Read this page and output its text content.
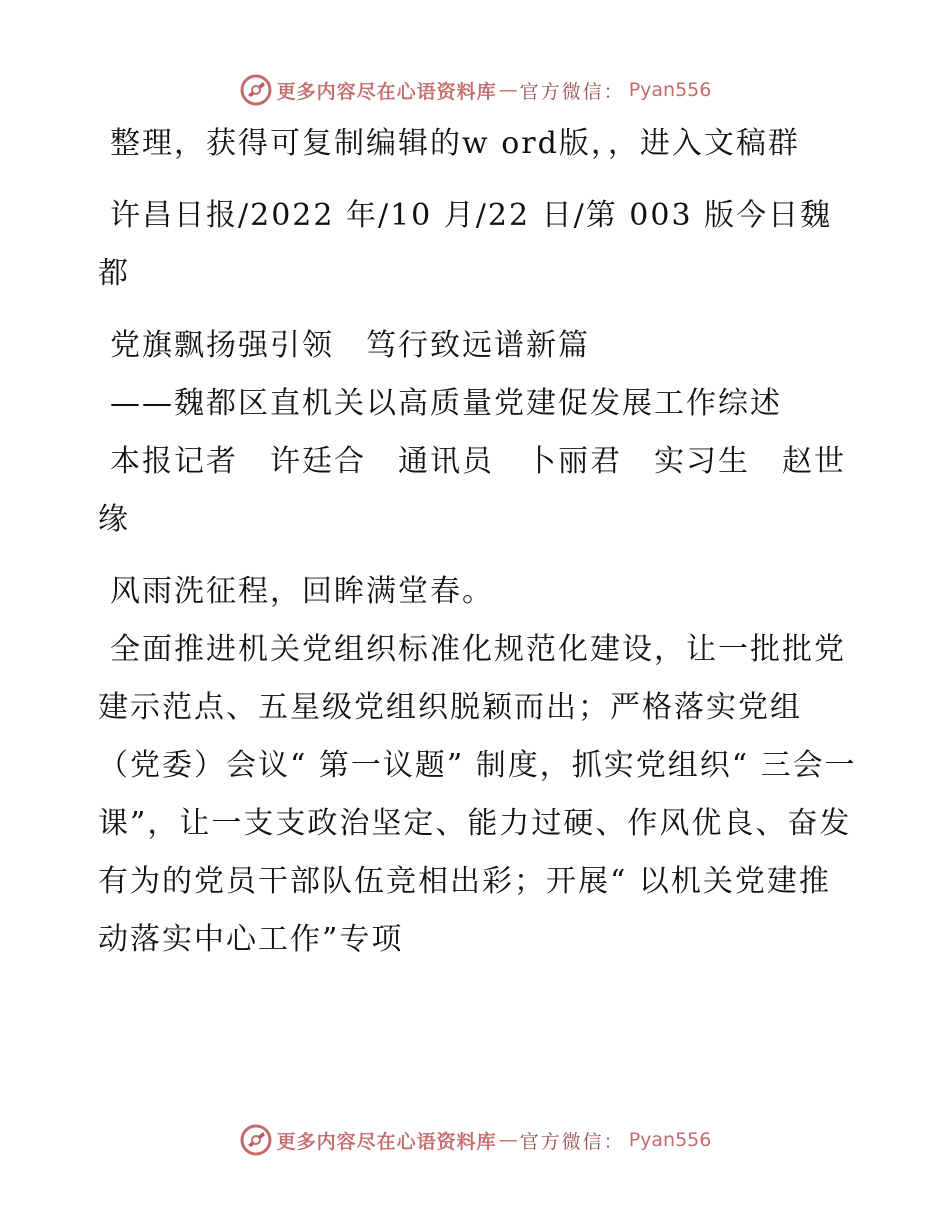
更多内容尽在心语资料库 — 官方微信： Pyan556

整理，获得可复制编辑的w ord版，，进入文稿群

许昌日报/2022 年/10 月/22 日/第 003 版今日魏都

党旗飘扬强引领　笃行致远谱新篇

——魏都区直机关以高质量党建促发展工作综述

本报记者　许廷合　通讯员　卜丽君　实习生　赵世缘

风雨洗征程，回眸满堂春。

全面推进机关党组织标准化规范化建设，让一批批党建示范点、五星级党组织脱颖而出；严格落实党组（党委）会议“ 第一议题” 制度，抓实党组织“ 三会一课”，让一支支政治坚定、能力过硬、作风优良、奋发有为的党员干部队伍竞相出彩；开展“ 以机关党建推动落实中心工作”专项

更多内容尽在心语资料库 — 官方微信： Pyan556
